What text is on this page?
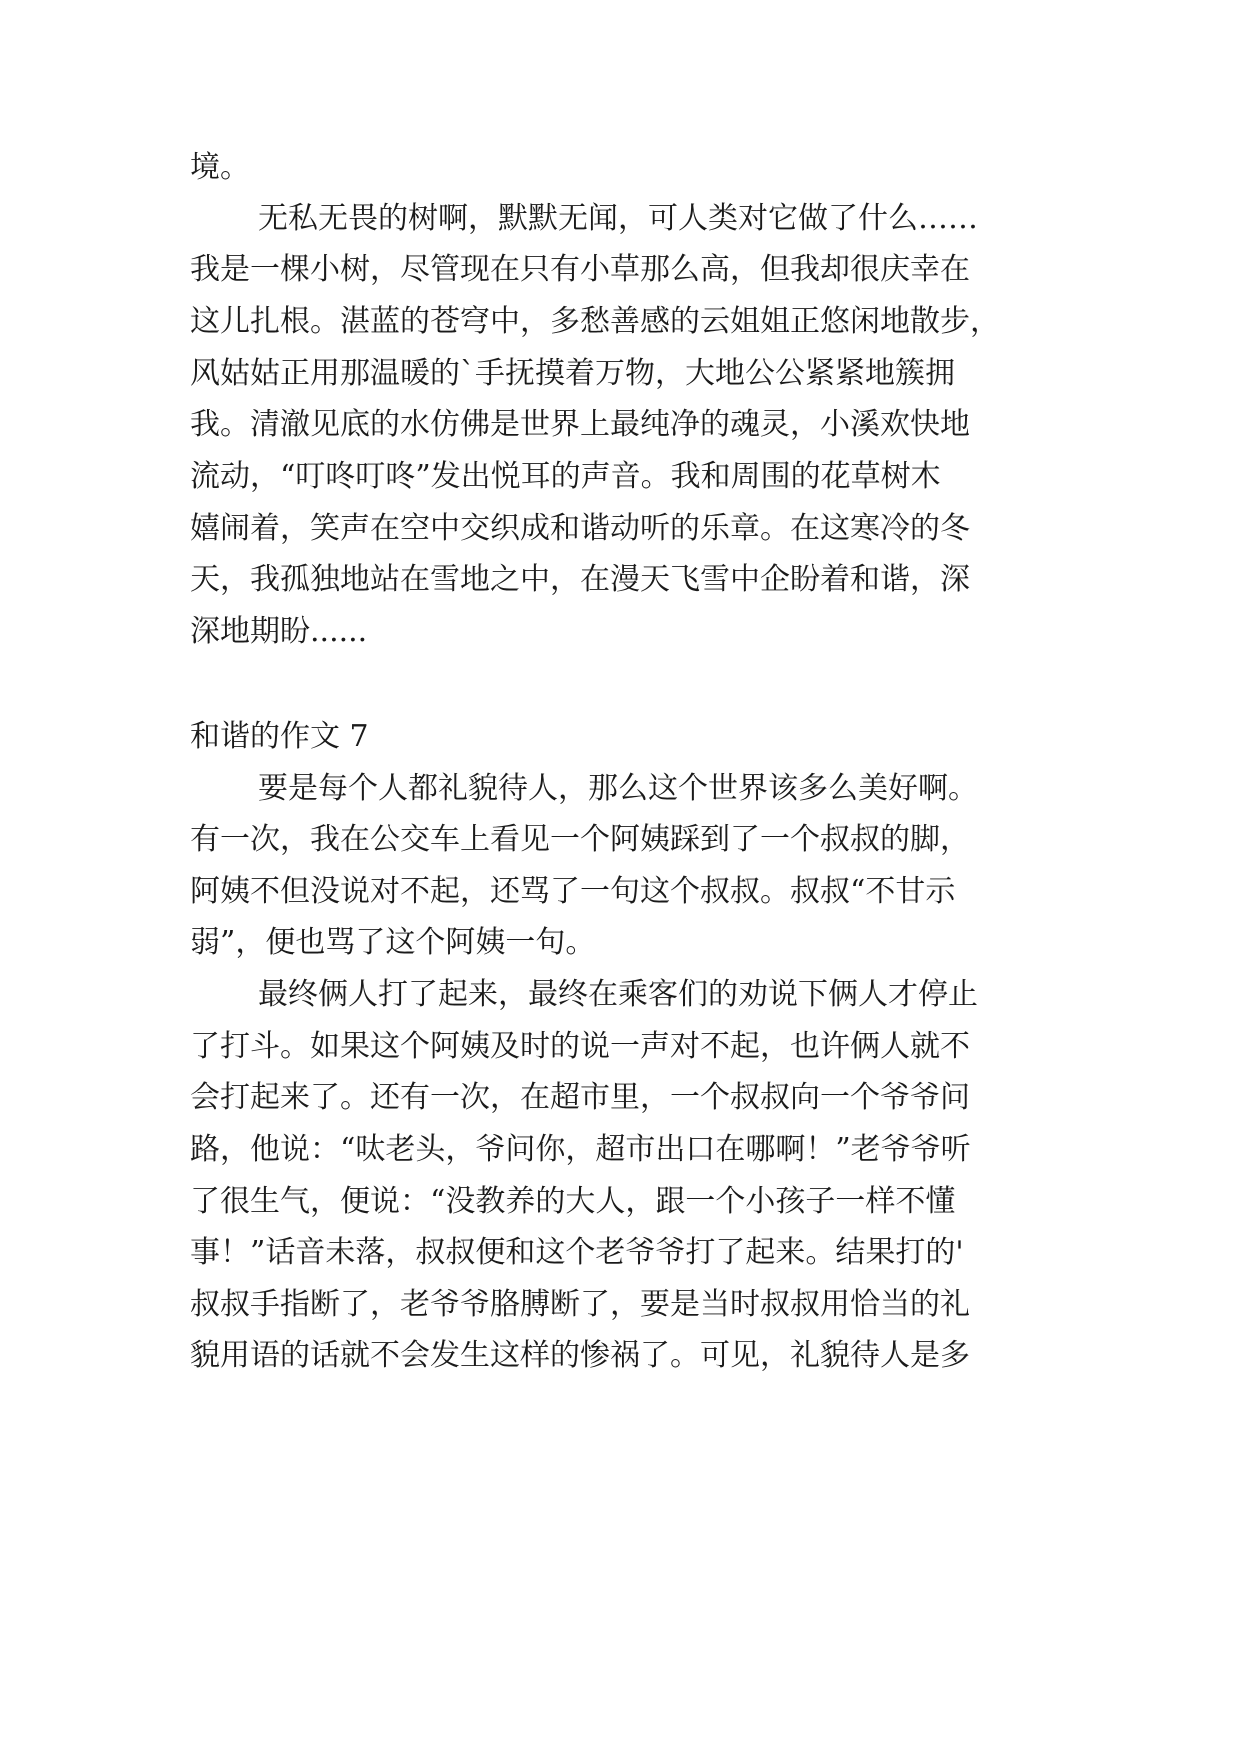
境。
无私无畏的树啊，默默无闻，可人类对它做了什么……
我是一棵小树，尽管现在只有小草那么高，但我却很庆幸在
这儿扎根。湛蓝的苍穹中，多愁善感的云姐姐正悠闲地散步，
风姑姑正用那温暖的`手抚摸着万物，大地公公紧紧地簇拥
我。清澈见底的水仿佛是世界上最纯净的魂灵，小溪欢快地
流动，“叮咚叮咚”发出悦耳的声音。我和周围的花草树木
嬉闹着，笑声在空中交织成和谐动听的乐章。在这寒冷的冬
天，我孤独地站在雪地之中，在漫天飞雪中企盼着和谐，深
深地期盼......
和谐的作文 7
要是每个人都礼貌待人，那么这个世界该多么美好啊。
有一次，我在公交车上看见一个阿姨踩到了一个叔叔的脚，
阿姨不但没说对不起，还骂了一句这个叔叔。叔叔“不甘示
弱”，便也骂了这个阿姨一句。
最终俩人打了起来，最终在乘客们的劝说下俩人才停止
了打斗。如果这个阿姨及时的说一声对不起，也许俩人就不
会打起来了。还有一次，在超市里，一个叔叔向一个爷爷问
路，他说：“呔老头，爷问你，超市出口在哪啊！”老爷爷听
了很生气，便说：“没教养的大人，跟一个小孩子一样不懂
事！”话音未落，叔叔便和这个老爷爷打了起来。结果打的'
叔叔手指断了，老爷爷胳膊断了，要是当时叔叔用恰当的礼
貌用语的话就不会发生这样的惨祸了。可见，礼貌待人是多
